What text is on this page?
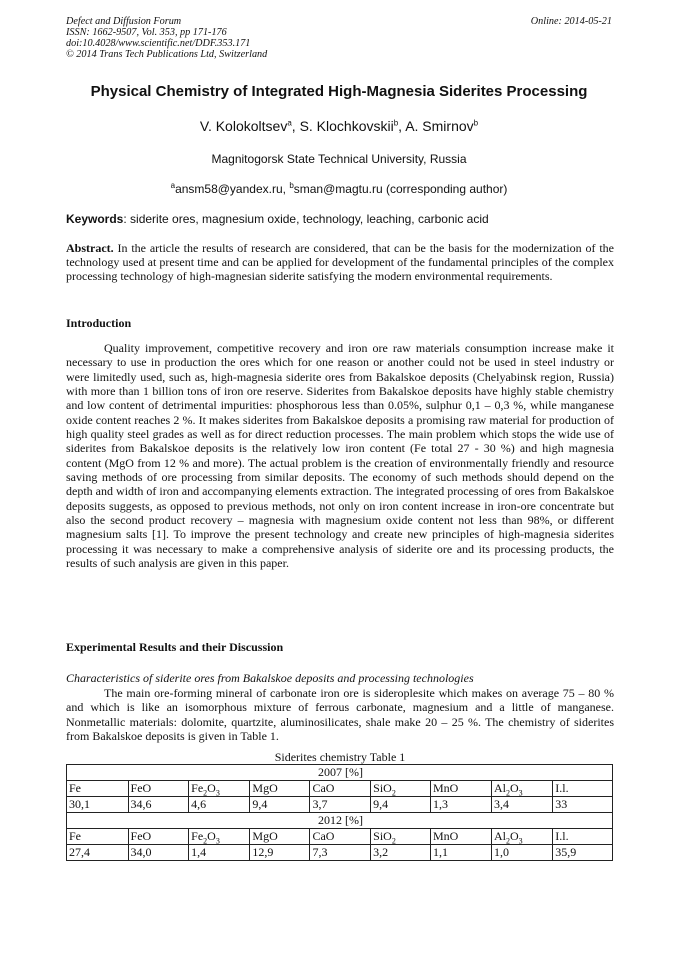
Defect and Diffusion Forum
ISSN: 1662-9507, Vol. 353, pp 171-176
doi:10.4028/www.scientific.net/DDF.353.171
© 2014 Trans Tech Publications Ltd, Switzerland
Online: 2014-05-21
Physical Chemistry of Integrated High-Magnesia Siderites Processing
V. Kolokoltsev$^a$, S. Klochkovskii$^b$, A. Smirnov$^b$
Magnitogorsk State Technical University, Russia
$^a$ansm58@yandex.ru, $^b$sman@magtu.ru (corresponding author)
Keywords: siderite ores, magnesium oxide, technology, leaching, carbonic acid
Abstract. In the article the results of research are considered, that can be the basis for the modernization of the technology used at present time and can be applied for development of the fundamental principles of the complex processing technology of high-magnesian siderite satisfying the modern environmental requirements.
Introduction
Quality improvement, competitive recovery and iron ore raw materials consumption increase make it necessary to use in production the ores which for one reason or another could not be used in steel industry or were limitedly used, such as, high-magnesia siderite ores from Bakalskoe deposits (Chelyabinsk region, Russia) with more than 1 billion tons of iron ore reserve. Siderites from Bakalskoe deposits have highly stable chemistry and low content of detrimental impurities: phosphorous less than 0.05%, sulphur 0,1 – 0,3 %, while manganese oxide content reaches 2 %. It makes siderites from Bakalskoe deposits a promising raw material for production of high quality steel grades as well as for direct reduction processes. The main problem which stops the wide use of siderites from Bakalskoe deposits is the relatively low iron content (Fe total 27 - 30 %) and high magnesia content (MgO from 12 % and more). The actual problem is the creation of environmentally friendly and resource saving methods of ore processing from similar deposits. The economy of such methods should depend on the depth and width of iron and accompanying elements extraction. The integrated processing of ores from Bakalskoe deposits suggests, as opposed to previous methods, not only on iron content increase in iron-ore concentrate but also the second product recovery – magnesia with magnesium oxide content not less than 98%, or different magnesium salts [1]. To improve the present technology and create new principles of high-magnesia siderites processing it was necessary to make a comprehensive analysis of siderite ore and its processing products, the results of such analysis are given in this paper.
Experimental Results and their Discussion
Characteristics of siderite ores from Bakalskoe deposits and processing technologies
The main ore-forming mineral of carbonate iron ore is sideroplesite which makes on average 75 – 80 % and which is like an isomorphous mixture of ferrous carbonate, magnesium and a little of manganese. Nonmetallic materials: dolomite, quartzite, aluminosilicates, shale make 20 – 25 %. The chemistry of siderites from Bakalskoe deposits is given in Table 1.
Siderites chemistry Table 1
2007 [%]								
Fe	FeO	$Fe_2O_3$	MgO	CaO	SiO$_2$	MnO	$Al_2O_3$	I.l.
30,1	34,6	4,6	9,4	3,7	9,4	1,3	3,4	33
2012 [%]								
Fe	FeO	$Fe_2O_3$	MgO	CaO	SiO$_2$	MnO	$Al_2O_3$	I.l.
27,4	34,0	1,4	12,9	7,3	3,2	1,1	1,0	35,9
